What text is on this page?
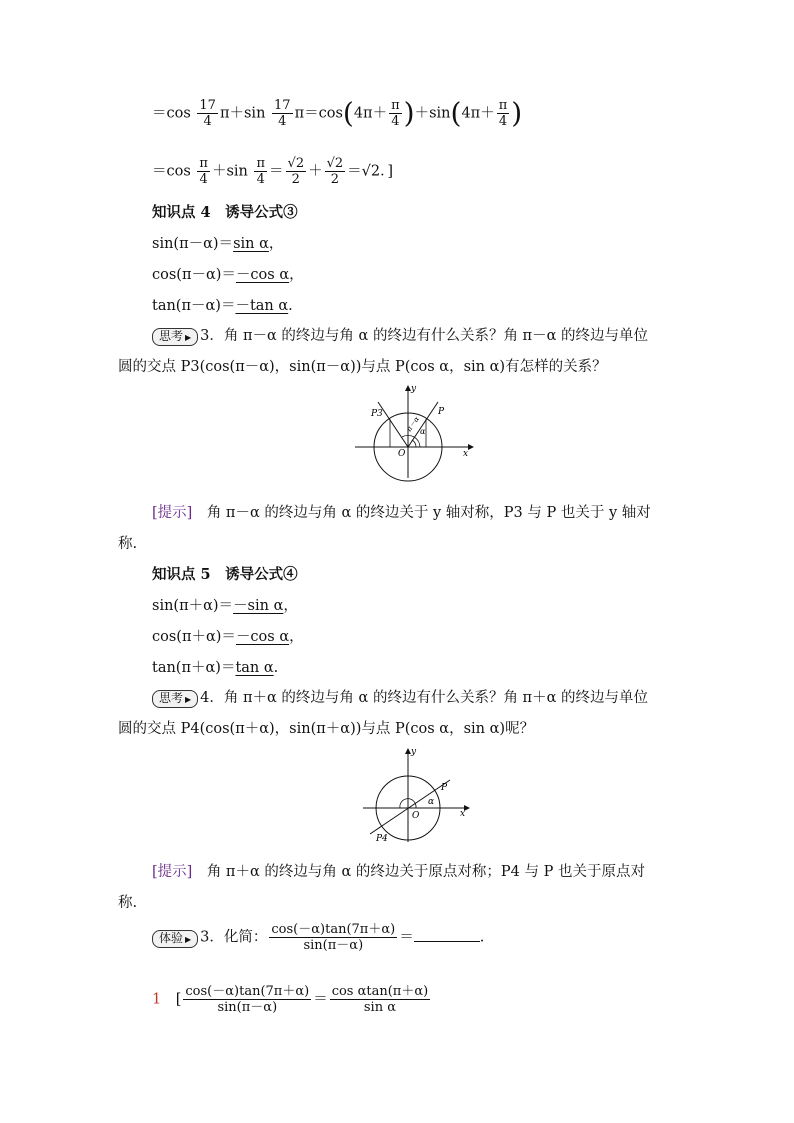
$=\cos \frac{17}{4} \pi+\sin \frac{17}{4} \pi=\cos(4\pi+ \frac{\pi}{4} )+\sin(4\pi+ \frac{\pi}{4}$ )
$=\cos \frac{\pi}{4} +\sin \frac{\pi}{4} = \frac{√2}{2} + \frac{√2}{2} =√2$．]
知识点 4　诱导公式③
sin(π－α)＝sin α，
cos(π－α)＝－cos α，
tan(π－α)＝－tan α.
思考 ▶ 3．角 π－α 的终边与角 α 的终边有什么关系？角 π－α 的终边与单位
圆的交点 P3(cos(π－α)，sin(π－α))与点 P(cos α，sin α)有怎样的关系？
y
x
O
P3	P
π－α
α
[提示]　 角 π－α 的终边与角 α 的终边关于 y 轴对称，P3 与 P 也关于 y 轴对
称.
知识点 5　诱导公式④
sin(π＋α)＝－sin α，
cos(π＋α)＝－cos α，
tan(π＋α)＝tan α.
思考 ▶ 4．角 π＋α 的终边与角 α 的终边有什么关系？角 π＋α 的终边与单位
圆的交点 P4(cos(π＋α)，sin(π＋α))与点 P(cos α，sin α)呢？
y
x
O
P
P4
α
[提示]　 角 π＋α 的终边与角 α 的终边关于原点对称；P4 与 P 也关于原点对
称.
体验 ▶ 3．化简： $\frac{\cos(-\alpha)\tan(7\pi+\alpha)}{\sin(\pi-\alpha)}$ ＝	.
1　 [ $\frac{\cos(-\alpha)\tan(7\pi+\alpha)}{\sin(\pi-\alpha)} = \frac{\text{cos αtan(π＋α)}}{\text{sin α}}$
